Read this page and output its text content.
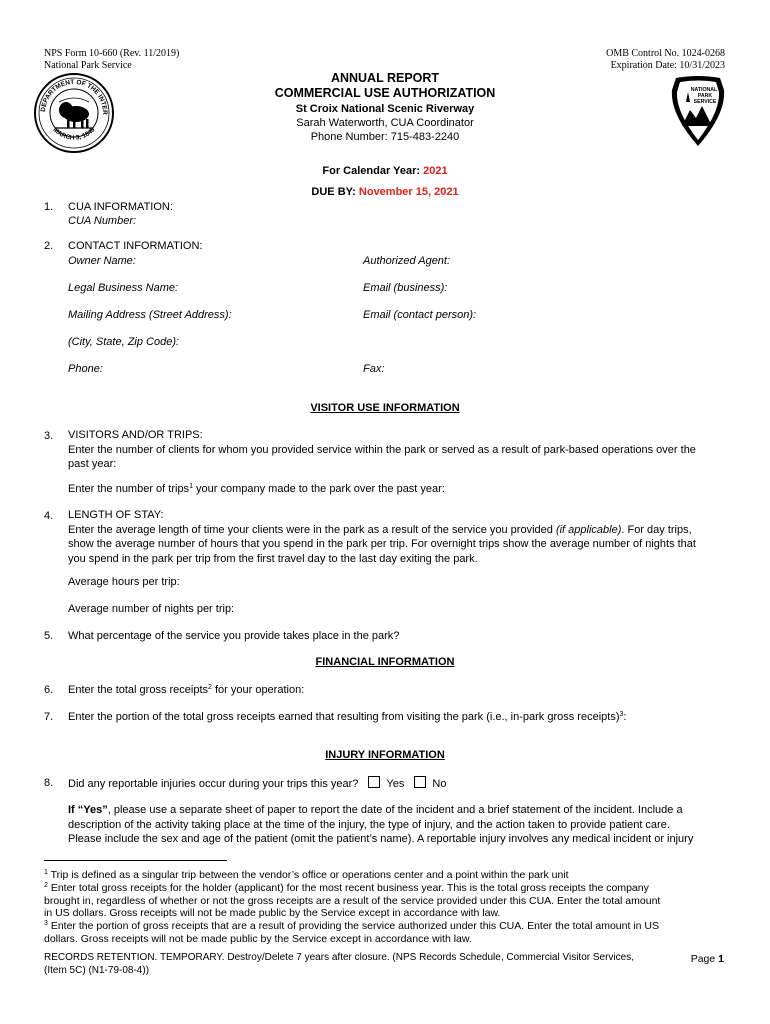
NPS Form 10-660 (Rev. 11/2019)
National Park Service
OMB Control No. 1024-0268
Expiration Date: 10/31/2023
DEPARTMENT OF THE INTER
MARCH 3, 1849
NATIONAL
PARK
SERVICE
ANNUAL REPORT
COMMERCIAL USE AUTHORIZATION
St Croix National Scenic Riverway
Sarah Waterworth, CUA Coordinator
Phone Number: 715-483-2240
For Calendar Year: 2021
DUE BY: November 15, 2021
1. CUA INFORMATION:
CUA Number:
2. CONTACT INFORMATION:
Owner Name:	Authorized Agent:
Legal Business Name:	Email (business):
Mailing Address (Street Address):	Email (contact person):
(City, State, Zip Code):
Phone:	Fax:
VISITOR USE INFORMATION
3. VISITORS AND/OR TRIPS:
Enter the number of clients for whom you provided service within the park or served as a result of park-based operations over the
past year:
Enter the number of trips$^1$ your company made to the park over the past year:
4. LENGTH OF STAY:
Enter the average length of time your clients were in the park as a result of the service you provided (if applicable). For day trips,
show the average number of hours that you spend in the park per trip. For overnight trips show the average number of nights that
you spend in the park per trip from the first travel day to the last day exiting the park.
Average hours per trip:
Average number of nights per trip:
5. What percentage of the service you provide takes place in the park?
FINANCIAL INFORMATION
6. Enter the total gross receipts$^2$ for your operation:
7. Enter the portion of the total gross receipts earned that resulting from visiting the park (i.e., in-park gross receipts)$^3$:
INJURY INFORMATION
8. Did any reportable injuries occur during your trips this year?	Yes	No
If “Yes”, please use a separate sheet of paper to report the date of the incident and a brief statement of the incident. Include a
description of the activity taking place at the time of the injury, the type of injury, and the action taken to provide patient care.
Please include the sex and age of the patient (omit the patient’s name). A reportable injury involves any medical incident or injury
$^1$ Trip is defined as a singular trip between the vendor’s office or operations center and a point within the park unit
$^2$ Enter total gross receipts for the holder (applicant) for the most recent business year. This is the total gross receipts the company
brought in, regardless of whether or not the gross receipts are a result of the service provided under this CUA. Enter the total amount
in US dollars. Gross receipts will not be made public by the Service except in accordance with law.
$^3$ Enter the portion of gross receipts that are a result of providing the service authorized under this CUA. Enter the total amount in US
dollars. Gross receipts will not be made public by the Service except in accordance with law.
RECORDS RETENTION. TEMPORARY. Destroy/Delete 7 years after closure. (NPS Records Schedule, Commercial Visitor Services,
(Item 5C) (N1-79-08-4))
Page 1
